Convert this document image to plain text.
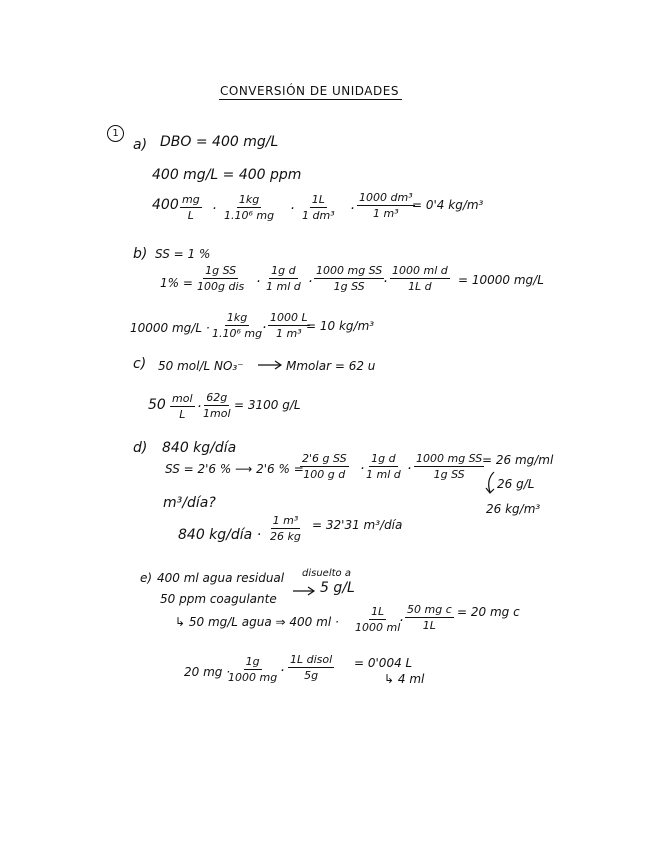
CONVERSIÓN DE UNIDADES
1
a) DBO = 400 mg/L
400 mg/L = 400 ppm
$400 \frac{mg}{L} \cdot \frac{1kg}{\text{1.10⁶ mg}} \cdot \frac{1L}{\text{1 dm³}} \cdot \frac{\text{1000 dm³}}{\text{1 m³}}$
= 0'4 kg/m³
b) SS = 1 %
1% =
1g SS
100g dis · $\frac{\text{1g d}}{\text{1 ml d}} \cdot \frac{\text{1000 mg SS}}{\text{1g SS}}$
· $\frac{\text{1000 ml d}}{\text{1L d}} = 10000$ mg/L
10000 $mg/L \cdot \frac{1kg}{\text{1.10⁶ mg}} \cdot \frac{1000 L}{\text{1 m³}}$
= 10 kg/m³
c) 50 mol/L NO₃⁻	Mmolar = 62 u
50 mol
L ·
62g
1mol
= 3100 g/L
d) 840 kg/día
SS = 2'6 % ⟶ 2'6 % =
$\frac{\text{2'6 g SS}}{\text{100 g d}} \cdot \frac{\text{1g d}}{\text{1 ml d}} \cdot \frac{\text{1000 mg SS}}{\text{1g SS}}$
= 26 mg/ml
26 g/L
26 kg/m³
m³/día?
840 kg/día · $\frac{\text{1 m³}}{26 kg} = 32'31$ m³/día
e) 400 ml agua residual disuelto a
50 ppm coagulante
5 g/L
↳ 50 mg/L agua ⇒ 400 ml · $\frac{1L}{1000 ml}$
· $\frac{\text{50 mg c}}{1L} = 20$ mg c
20 mg ·
$\frac{1g}{1000 mg}$ ·
1L disol
5g
= 0'004 L
↳ 4 ml
